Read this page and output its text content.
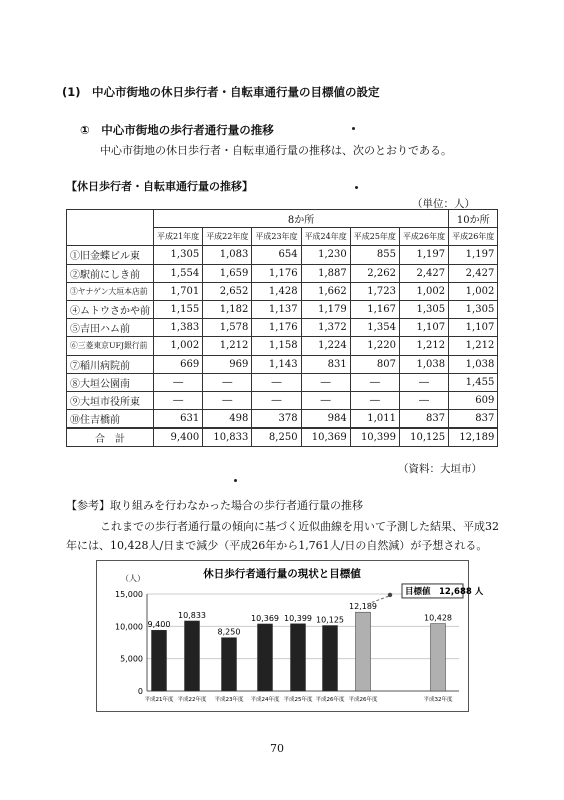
(1)　中心市街地の休日歩行者・自転車通行量の目標値の設定
①　中心市街地の歩行者通行量の推移
中心市街地の休日歩行者・自転車通行量の推移は、次のとおりである。
【休日歩行者・自転車通行量の推移】
（単位：人）
	8か所						10か所
	平成21年度	平成22年度	平成23年度	平成24年度	平成25年度	平成26年度	平成26年度
①旧金蝶ビル東	1,305	1,083	654	1,230	855	1,197	1,197
②駅前にしき前	1,554	1,659	1,176	1,887	2,262	2,427	2,427
③ヤナゲン大垣本店前	1,701	2,652	1,428	1,662	1,723	1,002	1,002
④ムトウさかや前	1,155	1,182	1,137	1,179	1,167	1,305	1,305
⑤吉田ハム前	1,383	1,578	1,176	1,372	1,354	1,107	1,107
⑥三菱東京UFJ銀行前	1,002	1,212	1,158	1,224	1,220	1,212	1,212
⑦稲川病院前	669	969	1,143	831	807	1,038	1,038
⑧大垣公園南	―	―	―	―	―	―	1,455
⑨大垣市役所東	―	―	―	―	―	―	609
⑩住吉橋前	631	498	378	984	1,011	837	837
合　計	9,400	10,833	8,250	10,369	10,399	10,125	12,189
（資料：大垣市）
【参考】取り組みを行わなかった場合の歩行者通行量の推移
これまでの歩行者通行量の傾向に基づく近似曲線を用いて予測した結果、平成32
年には、10,428人/日まで減少（平成26年から1,761人/日の自然減）が予想される。
休日歩行者通行量の現状と目標値
（人）
0
5,000
10,000
15,000
9,400
平成21年度
10,833
平成22年度
8,250
平成23年度
10,369
平成24年度
10,399
平成25年度
10,125
平成26年度
12,189
平成26年度
10,428
平成32年度
目標値　12,688 人
70
